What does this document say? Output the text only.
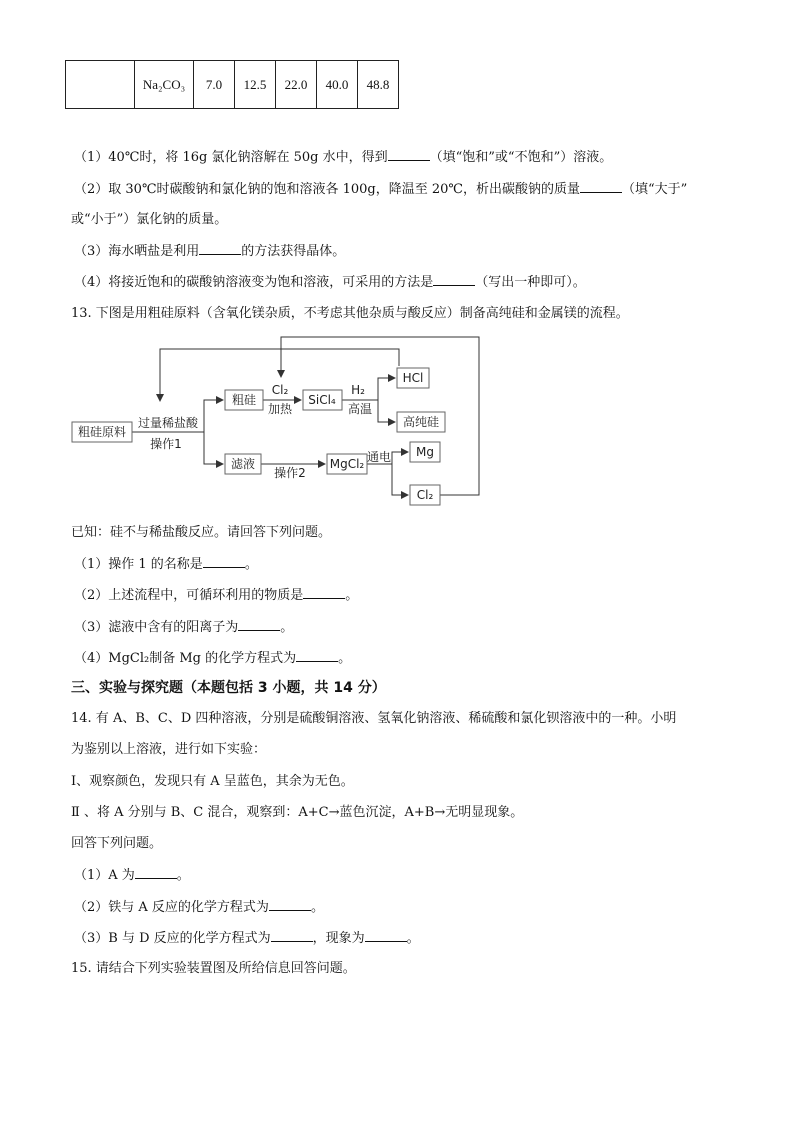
	Na₂CO₃	7.0	12.5	22.0	40.0	48.8
（1）40℃时，将 16g 氯化钠溶解在 50g 水中，得到	（填“饱和”或“不饱和”）溶液。
（2）取 30℃时碳酸钠和氯化钠的饱和溶液各 100g，降温至 20℃，析出碳酸钠的质量	（填“大于”
或“小于”）氯化钠的质量。
（3）海水晒盐是利用	的方法获得晶体。
（4）将接近饱和的碳酸钠溶液变为饱和溶液，可采用的方法是	（写出一种即可）。
13. 下图是用粗硅原料（含氧化镁杂质，不考虑其他杂质与酸反应）制备高纯硅和金属镁的流程。
粗硅原料
粗硅	SiCl₄
HCl
高纯硅
滤液	MgCl₂
Mg
Cl₂
过量稀盐酸
操作1
Cl₂
加热
H₂
高温
操作2
通电
已知：硅不与稀盐酸反应。请回答下列问题。
（1）操作 1 的名称是	。
（2）上述流程中，可循环利用的物质是	。
（3）滤液中含有的阳离子为	。
（4）MgCl₂制备 Mg 的化学方程式为	。
三、实验与探究题（本题包括 3 小题，共 14 分）
14. 有 A、B、C、D 四种溶液，分别是硫酸铜溶液、氢氧化钠溶液、稀硫酸和氯化钡溶液中的一种。小明
为鉴别以上溶液，进行如下实验：
Ⅰ、观察颜色，发现只有 A 呈蓝色，其余为无色。
Ⅱ 、将 A 分别与 B、C 混合，观察到：A+C→蓝色沉淀，A+B→无明显现象。
回答下列问题。
（1）A 为	。
（2）铁与 A 反应的化学方程式为	。
（3）B 与 D 反应的化学方程式为	，现象为	。
15. 请结合下列实验装置图及所给信息回答问题。
